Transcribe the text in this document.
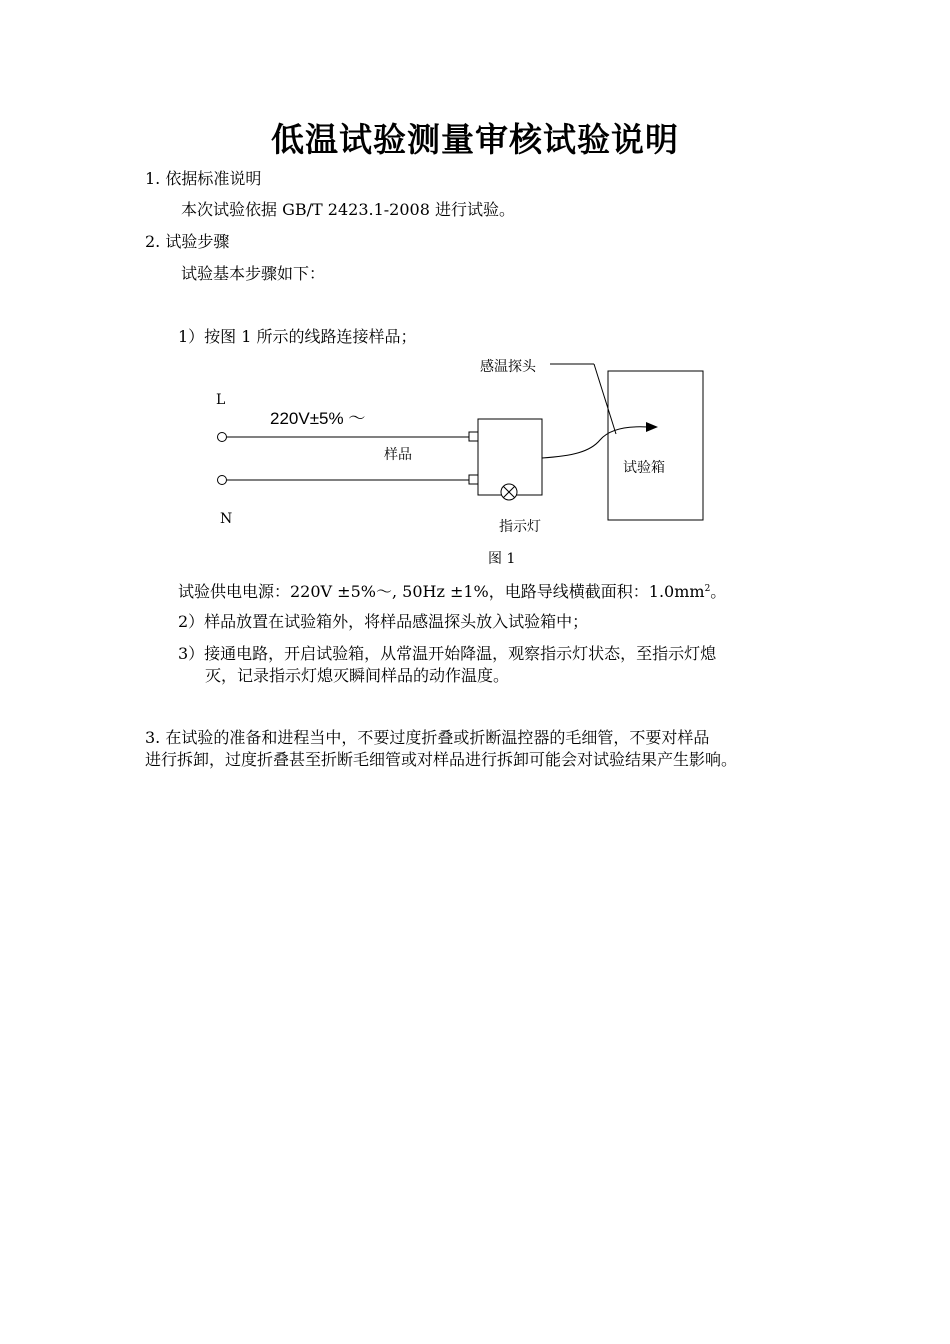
低温试验测量审核试验说明
1. 依据标准说明
本次试验依据 GB/T 2423.1-2008 进行试验。
2. 试验步骤
试验基本步骤如下：
1）按图 1 所示的线路连接样品；
感温探头
L
220V±5% ～
样品
试验箱
N	指示灯
图 1
试验供电电源：220V ±5%～, 50Hz ±1%，电路导线横截面积：$1.0mm^2$。
2）样品放置在试验箱外，将样品感温探头放入试验箱中；
3）接通电路，开启试验箱，从常温开始降温，观察指示灯状态，至指示灯熄
灭，记录指示灯熄灭瞬间样品的动作温度。
3. 在试验的准备和进程当中，不要过度折叠或折断温控器的毛细管，不要对样品
进行拆卸，过度折叠甚至折断毛细管或对样品进行拆卸可能会对试验结果产生影响。
